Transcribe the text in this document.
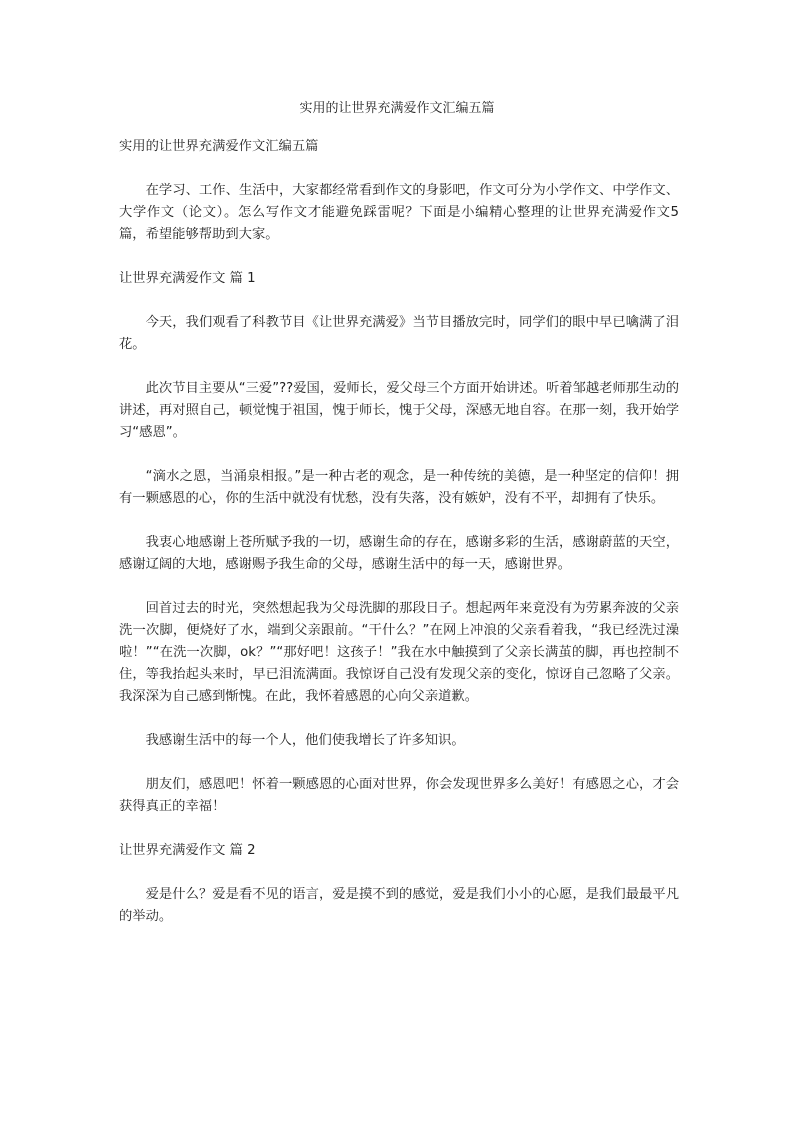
实用的让世界充满爱作文汇编五篇

实用的让世界充满爱作文汇编五篇

在学习、工作、生活中，大家都经常看到作文的身影吧，作文可分为小学作文、中学作文、大学作文（论文）。怎么写作文才能避免踩雷呢？下面是小编精心整理的让世界充满爱作文5篇，希望能够帮助到大家。

让世界充满爱作文 篇 1

今天，我们观看了科教节目《让世界充满爱》当节目播放完时，同学们的眼中早已噙满了泪花。

此次节目主要从“三爱”??爱国，爱师长，爱父母三个方面开始讲述。听着邹越老师那生动的讲述，再对照自己，顿觉愧于祖国，愧于师长，愧于父母，深感无地自容。在那一刻，我开始学习“感恩”。

“滴水之恩，当涌泉相报。”是一种古老的观念，是一种传统的美德，是一种坚定的信仰！拥有一颗感恩的心，你的生活中就没有忧愁，没有失落，没有嫉妒，没有不平，却拥有了快乐。

我衷心地感谢上苍所赋予我的一切，感谢生命的存在，感谢多彩的生活，感谢蔚蓝的天空，感谢辽阔的大地，感谢赐予我生命的父母，感谢生活中的每一天，感谢世界。

回首过去的时光，突然想起我为父母洗脚的那段日子。想起两年来竟没有为劳累奔波的父亲洗一次脚，便烧好了水，端到父亲跟前。“干什么？”在网上冲浪的父亲看着我，“我已经洗过澡啦！”“在洗一次脚，ok？”“那好吧！这孩子！”我在水中触摸到了父亲长满茧的脚，再也控制不住，等我抬起头来时，早已泪流满面。我惊讶自己没有发现父亲的变化，惊讶自己忽略了父亲。我深深为自己感到惭愧。在此，我怀着感恩的心向父亲道歉。

我感谢生活中的每一个人，他们使我增长了许多知识。

朋友们，感恩吧！怀着一颗感恩的心面对世界，你会发现世界多么美好！有感恩之心，才会获得真正的幸福！

让世界充满爱作文 篇 2

爱是什么？爱是看不见的语言，爱是摸不到的感觉，爱是我们小小的心愿，是我们最最平凡的举动。
